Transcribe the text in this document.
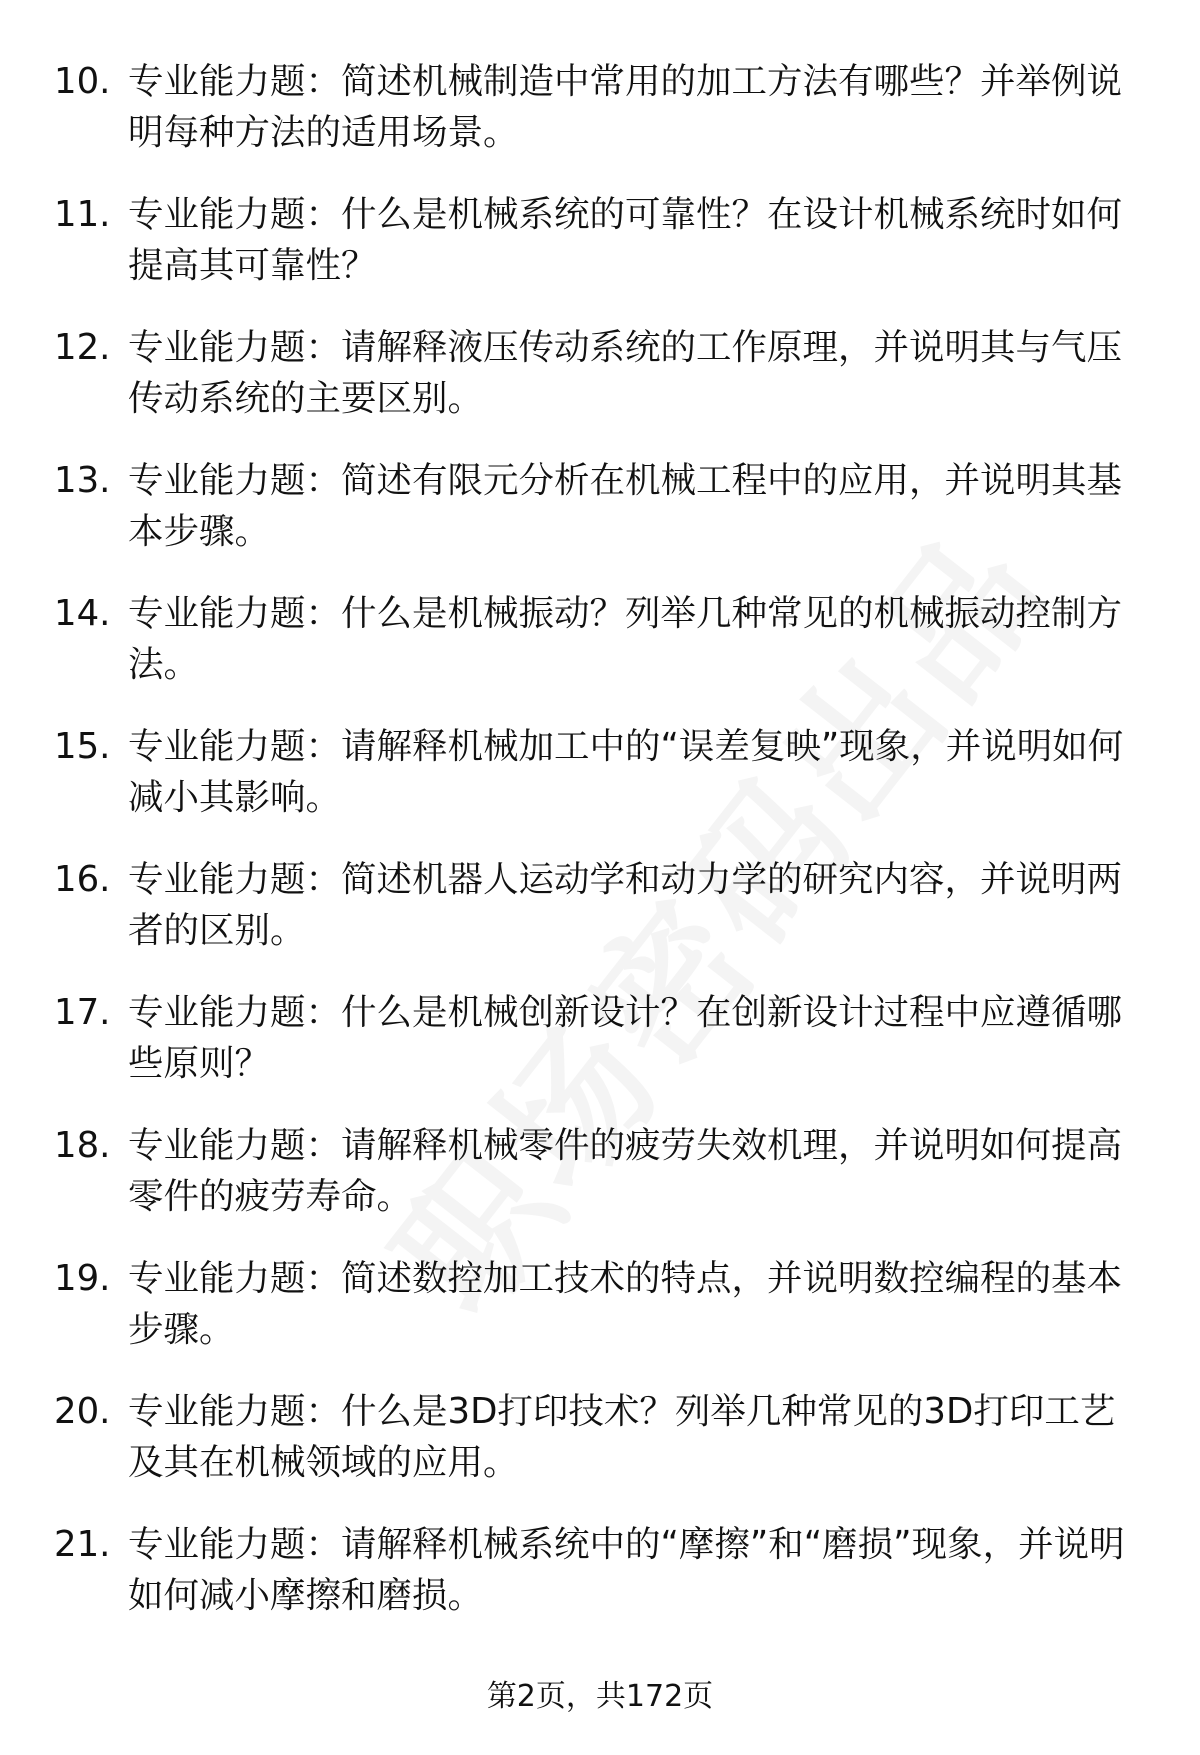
10. 专业能力题：简述机械制造中常用的加工方法有哪些？并举例说明每种方法的适用场景。
11. 专业能力题：什么是机械系统的可靠性？在设计机械系统时如何提高其可靠性？
12. 专业能力题：请解释液压传动系统的工作原理，并说明其与气压传动系统的主要区别。
13. 专业能力题：简述有限元分析在机械工程中的应用，并说明其基本步骤。
14. 专业能力题：什么是机械振动？列举几种常见的机械振动控制方法。
15. 专业能力题：请解释机械加工中的“误差复映”现象，并说明如何减小其影响。
16. 专业能力题：简述机器人运动学和动力学的研究内容，并说明两者的区别。
17. 专业能力题：什么是机械创新设计？在创新设计过程中应遵循哪些原则？
18. 专业能力题：请解释机械零件的疲劳失效机理，并说明如何提高零件的疲劳寿命。
19. 专业能力题：简述数控加工技术的特点，并说明数控编程的基本步骤。
20. 专业能力题：什么是3D打印技术？列举几种常见的3D打印工艺及其在机械领域的应用。
21. 专业能力题：请解释机械系统中的“摩擦”和“磨损”现象，并说明如何减小摩擦和磨损。
第2页，共172页
